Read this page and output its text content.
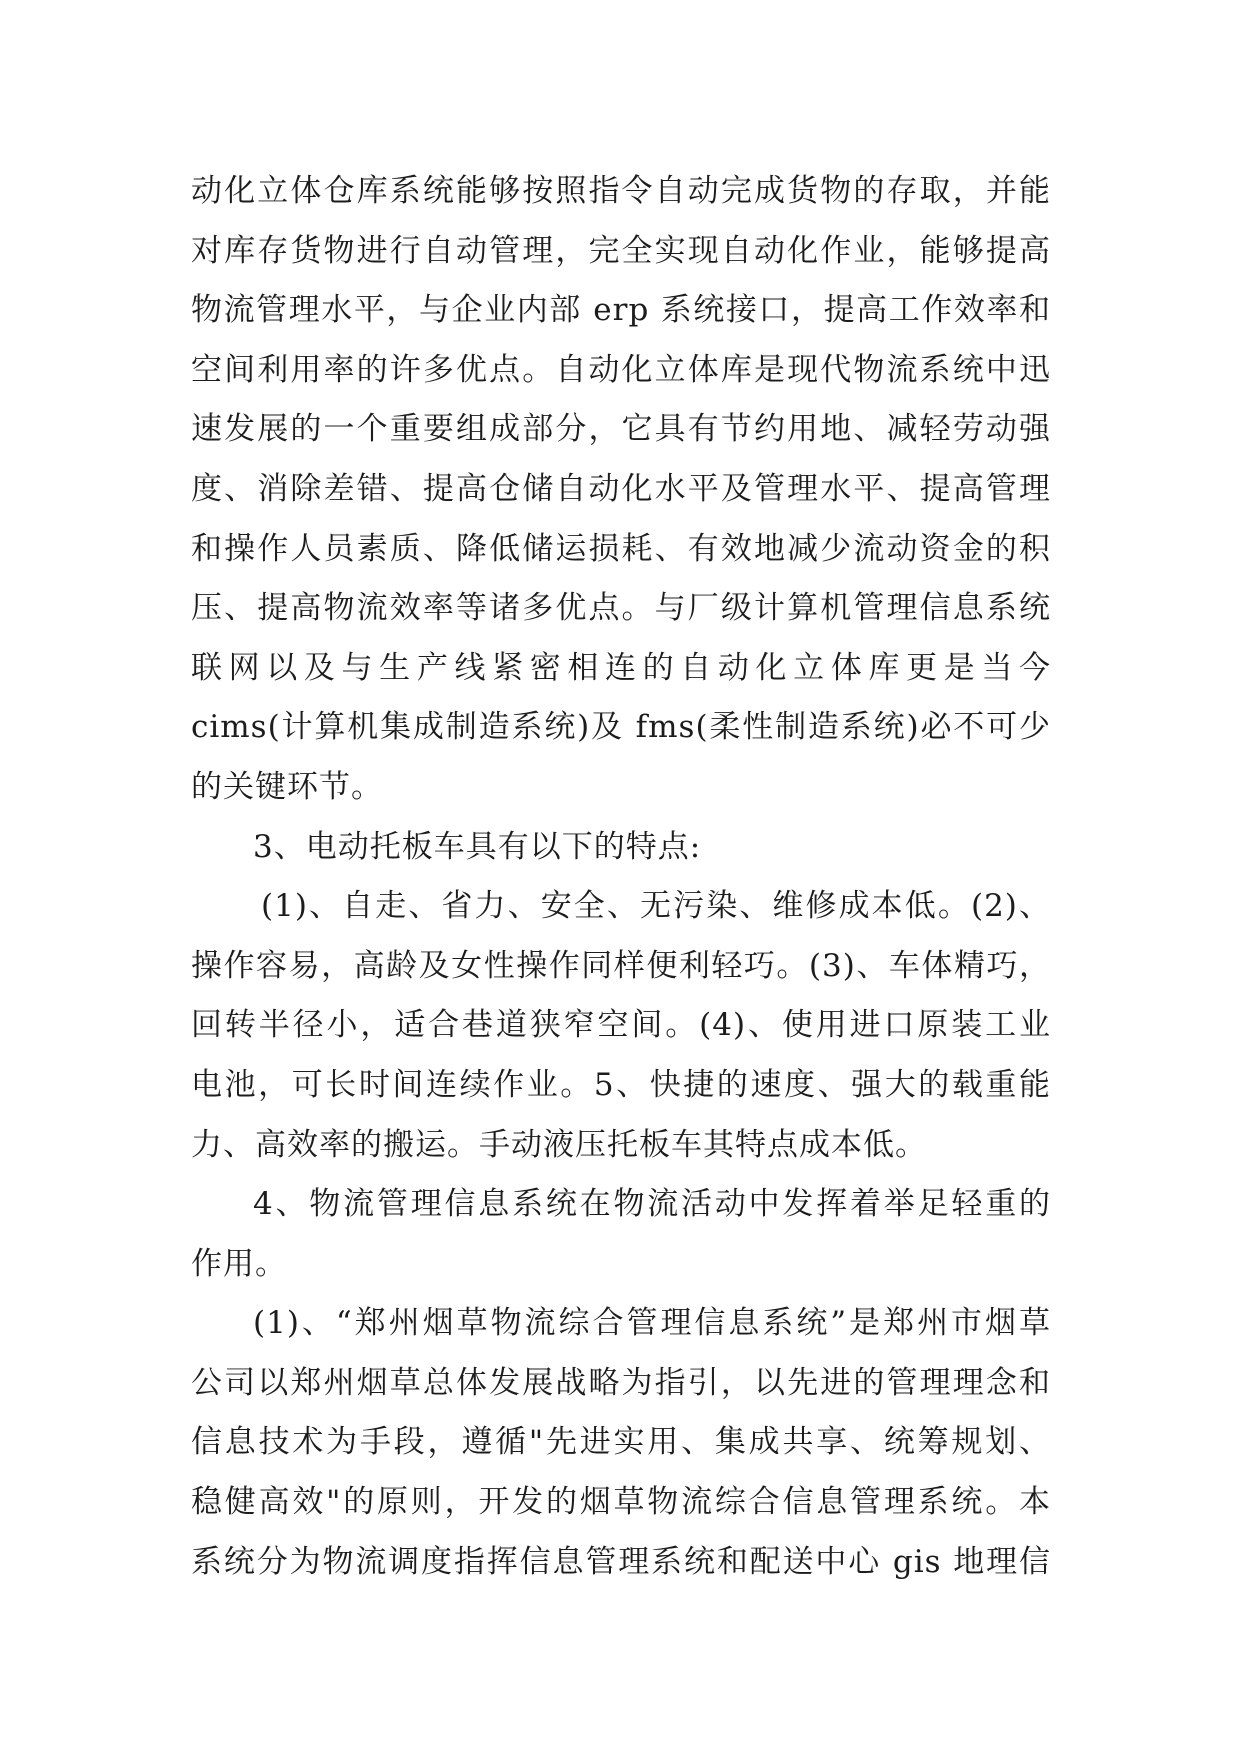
动化立体仓库系统能够按照指令自动完成货物的存取，并能
对库存货物进行自动管理，完全实现自动化作业，能够提高
物流管理水平，与企业内部 erp 系统接口，提高工作效率和
空间利用率的许多优点。自动化立体库是现代物流系统中迅
速发展的一个重要组成部分，它具有节约用地、减轻劳动强
度、消除差错、提高仓储自动化水平及管理水平、提高管理
和操作人员素质、降低储运损耗、有效地减少流动资金的积
压、提高物流效率等诸多优点。与厂级计算机管理信息系统
联网以及与生产线紧密相连的自动化立体库更是当今
cims(计算机集成制造系统)及 fms(柔性制造系统)必不可少
的关键环节。
3、电动托板车具有以下的特点:
(1)、自走、省力、安全、无污染、维修成本低。(2)、
操作容易，高龄及女性操作同样便利轻巧。(3)、车体精巧，
回转半径小，适合巷道狭窄空间。(4)、使用进口原装工业
电池，可长时间连续作业。5、快捷的速度、强大的载重能
力、高效率的搬运。手动液压托板车其特点成本低。
4、物流管理信息系统在物流活动中发挥着举足轻重的
作用。
(1)、“郑州烟草物流综合管理信息系统”是郑州市烟草
公司以郑州烟草总体发展战略为指引，以先进的管理理念和
信息技术为手段，遵循"先进实用、集成共享、统筹规划、
稳健高效"的原则，开发的烟草物流综合信息管理系统。本
系统分为物流调度指挥信息管理系统和配送中心 gis 地理信
